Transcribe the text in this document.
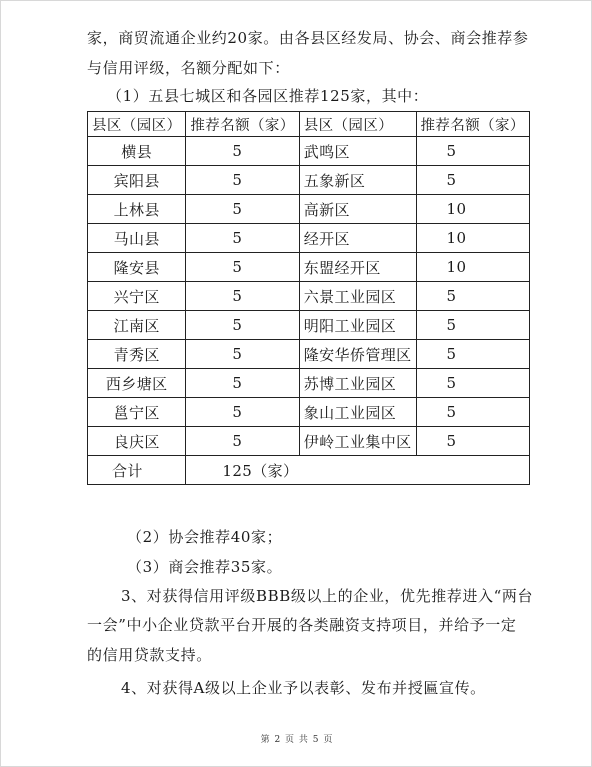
家，商贸流通企业约20家。由各县区经发局、协会、商会推荐参
与信用评级，名额分配如下：
（1）五县七城区和各园区推荐125家，其中：
县区（园区）	推荐名额（家）	县区（园区）	推荐名额（家）
横县	5	武鸣区	5
宾阳县	5	五象新区	5
上林县	5	高新区	10
马山县	5	经开区	10
隆安县	5	东盟经开区	10
兴宁区	5	六景工业园区	5
江南区	5	明阳工业园区	5
青秀区	5	隆安华侨管理区	5
西乡塘区	5	苏博工业园区	5
邕宁区	5	象山工业园区	5
良庆区	5	伊岭工业集中区	5
合计	125（家）		
（2）协会推荐40家；
（3）商会推荐35家。
3、对获得信用评级BBB级以上的企业，优先推荐进入“两台
一会”中小企业贷款平台开展的各类融资支持项目，并给予一定
的信用贷款支持。
4、对获得A级以上企业予以表彰、发布并授匾宣传。
第 2 页 共 5 页
